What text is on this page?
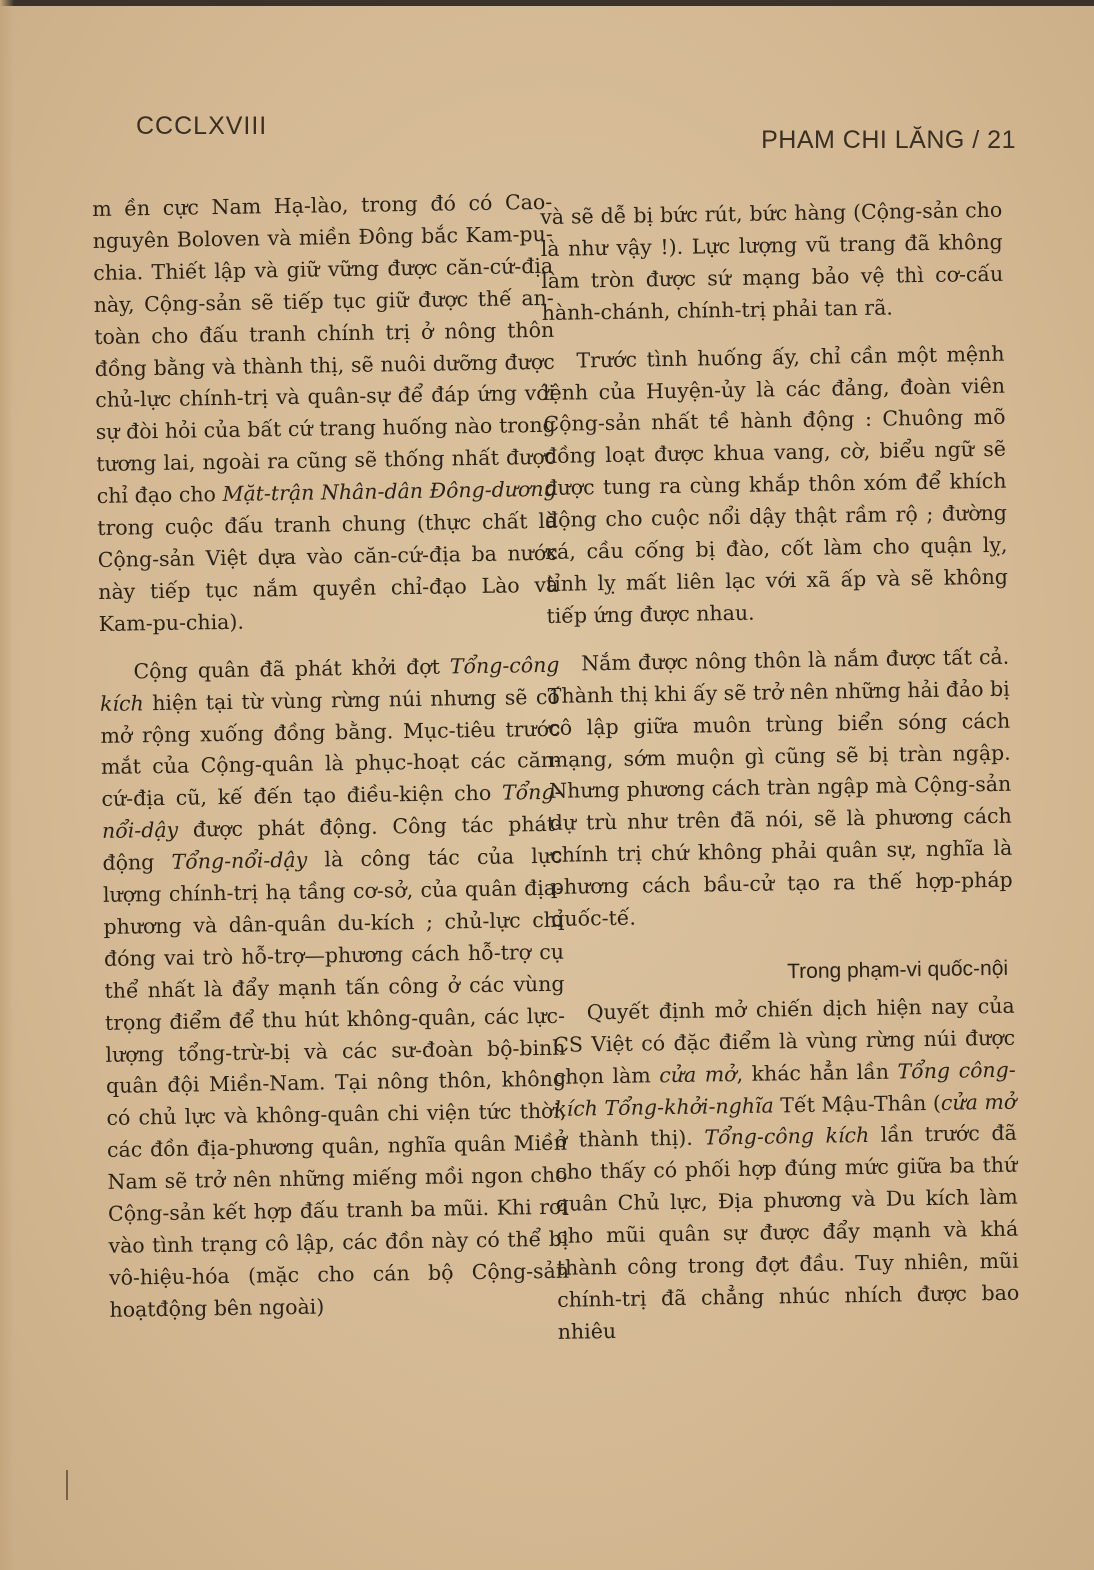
CCCLXVIII	PHAM CHI LĂNG / 21

m ền cực Nam Hạ-lào, trong đó có Cao-nguyên Boloven và miền Đông bắc Kam-pu-chia. Thiết lập và giữ vững được căn-cứ-địa này, Cộng-sản sẽ tiếp tục giữ được thế an-toàn cho đấu tranh chính trị ở nông thôn đồng bằng và thành thị, sẽ nuôi dưỡng được chủ-lực chính-trị và quân-sự để đáp ứng với sự đòi hỏi của bất cứ trang huống nào trong tương lai, ngoài ra cũng sẽ thống nhất được chỉ đạo cho Mặt-trận Nhân-dân Đông-dương trong cuộc đấu tranh chung (thực chất là Cộng-sản Việt dựa vào căn-cứ-địa ba nước này tiếp tục nắm quyền chỉ-đạo Lào và Kam-pu-chia).

Cộng quân đã phát khởi đợt Tổng-công kích hiện tại từ vùng rừng núi nhưng sẽ cố mở rộng xuống đồng bằng. Mục-tiêu trước mắt của Cộng-quân là phục-hoạt các căn-cứ-địa cũ, kế đến tạo điều-kiện cho Tổng-nổi-dậy được phát động. Công tác phát-động Tổng-nổi-dậy là công tác của lực lượng chính-trị hạ tầng cơ-sở, của quân địa-phương và dân-quân du-kích ; chủ-lực chỉ đóng vai trò hỗ-trợ—phương cách hỗ-trợ cụ thể nhất là đẩy mạnh tấn công ở các vùng trọng điểm để thu hút không-quân, các lực-lượng tổng-trừ-bị và các sư-đoàn bộ-binh quân đội Miền-Nam. Tại nông thôn, không có chủ lực và không-quân chi viện tức thời, các đồn địa-phương quân, nghĩa quân Miền Nam sẽ trở nên những miếng mồi ngon cho Cộng-sản kết hợp đấu tranh ba mũi. Khi rơi vào tình trạng cô lập, các đồn này có thể bị vô-hiệu-hóa (mặc cho cán bộ Cộng-sản hoạtđộng bên ngoài)

và sẽ dễ bị bức rút, bức hàng (Cộng-sản cho là như vậy !). Lực lượng vũ trang đã không làm tròn được sứ mạng bảo vệ thì cơ-cấu hành-chánh, chính-trị phải tan rã.

Trước tình huống ấy, chỉ cần một mệnh lệnh của Huyện-ủy là các đảng, đoàn viên Cộng-sản nhất tề hành động : Chuông mõ đồng loạt được khua vang, cờ, biểu ngữ sẽ được tung ra cùng khắp thôn xóm để khích động cho cuộc nổi dậy thật rầm rộ ; đường xá, cầu cống bị đào, cốt làm cho quận lỵ, tỉnh lỵ mất liên lạc với xã ấp và sẽ không tiếp ứng được nhau.

Nắm được nông thôn là nắm được tất cả. Thành thị khi ấy sẽ trở nên những hải đảo bị cô lập giữa muôn trùng biển sóng cách mạng, sớm muộn gì cũng sẽ bị tràn ngập. Nhưng phương cách tràn ngập mà Cộng-sản dự trù như trên đã nói, sẽ là phương cách chính trị chứ không phải quân sự, nghĩa là phương cách bầu-cử tạo ra thế hợp-pháp quốc-tế.

Trong phạm-vi quốc-nội

Quyết định mở chiến dịch hiện nay của CS Việt có đặc điểm là vùng rừng núi được chọn làm cửa mở, khác hẳn lần Tổng công-kích Tổng-khởi-nghĩa Tết Mậu-Thân (cửa mở ở thành thị). Tổng-công kích lần trước đã cho thấy có phối hợp đúng mức giữa ba thứ quân Chủ lực, Địa phương và Du kích làm cho mũi quân sự được đẩy mạnh và khá thành công trong đợt đầu. Tuy nhiên, mũi chính-trị đã chẳng nhúc nhích được bao nhiêu
